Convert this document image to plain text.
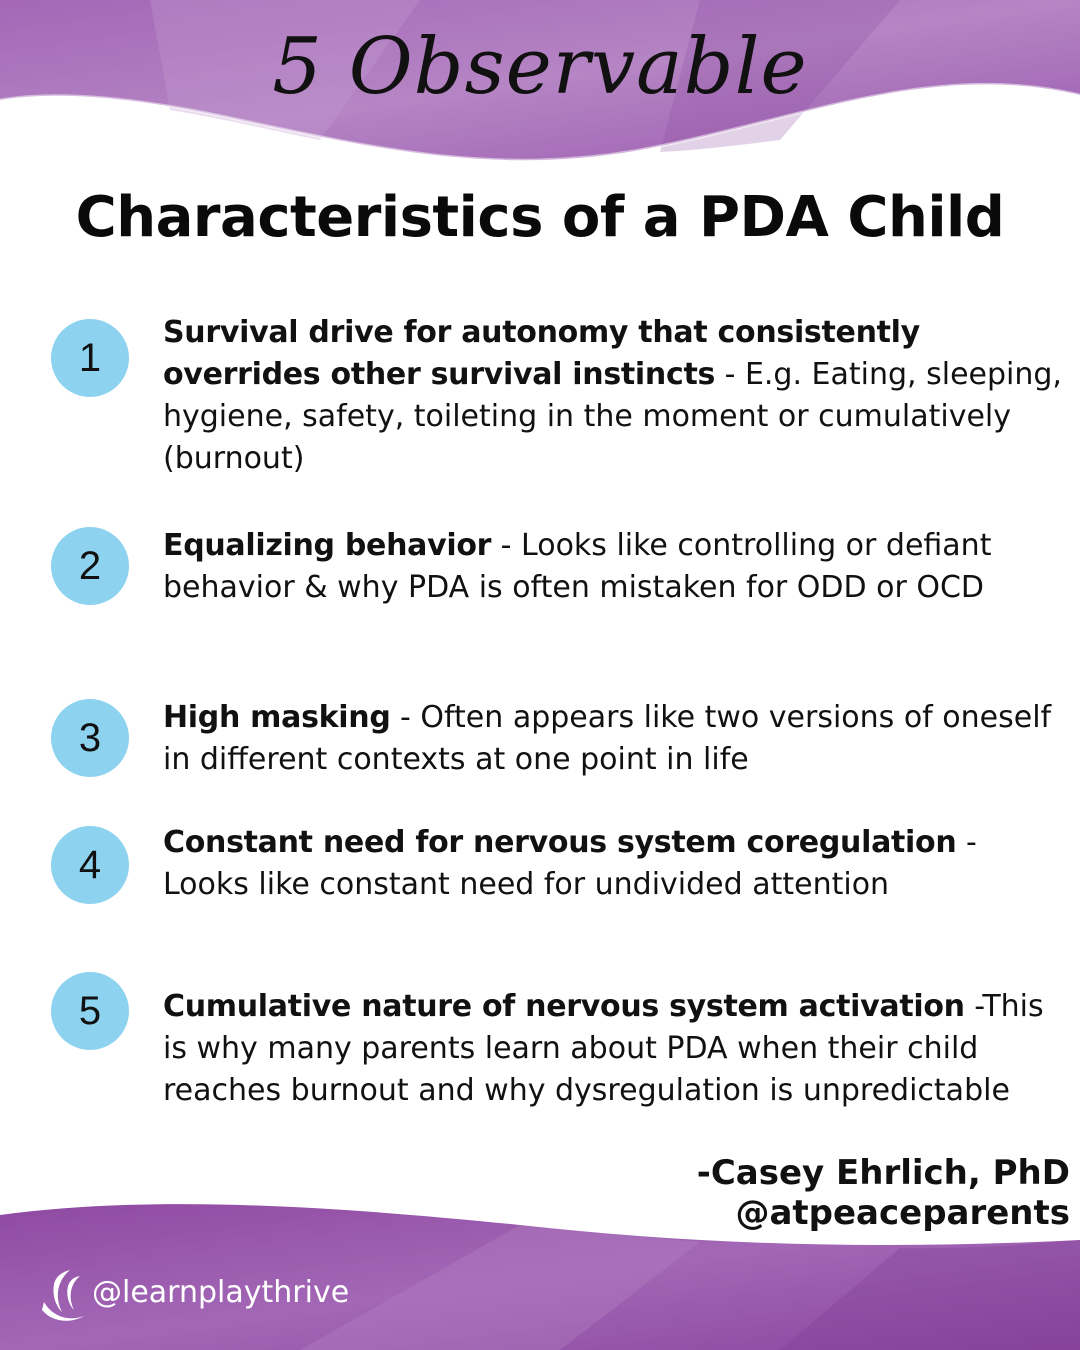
5 Observable
Characteristics of a PDA Child
1
Survival drive for autonomy that consistently overrides other survival instincts - E.g. Eating, sleeping, hygiene, safety, toileting in the moment or cumulatively (burnout)
2	Equalizing behavior - Looks like controlling or defiant behavior & why PDA is often mistaken for ODD or OCD
3	High masking - Often appears like two versions of oneself in different contexts at one point in life
4	Constant need for nervous system coregulation - Looks like constant need for undivided attention
5	Cumulative nature of nervous system activation -This is why many parents learn about PDA when their child reaches burnout and why dysregulation is unpredictable
-Casey Ehrlich, PhD
@atpeaceparents
@learnplaythrive
